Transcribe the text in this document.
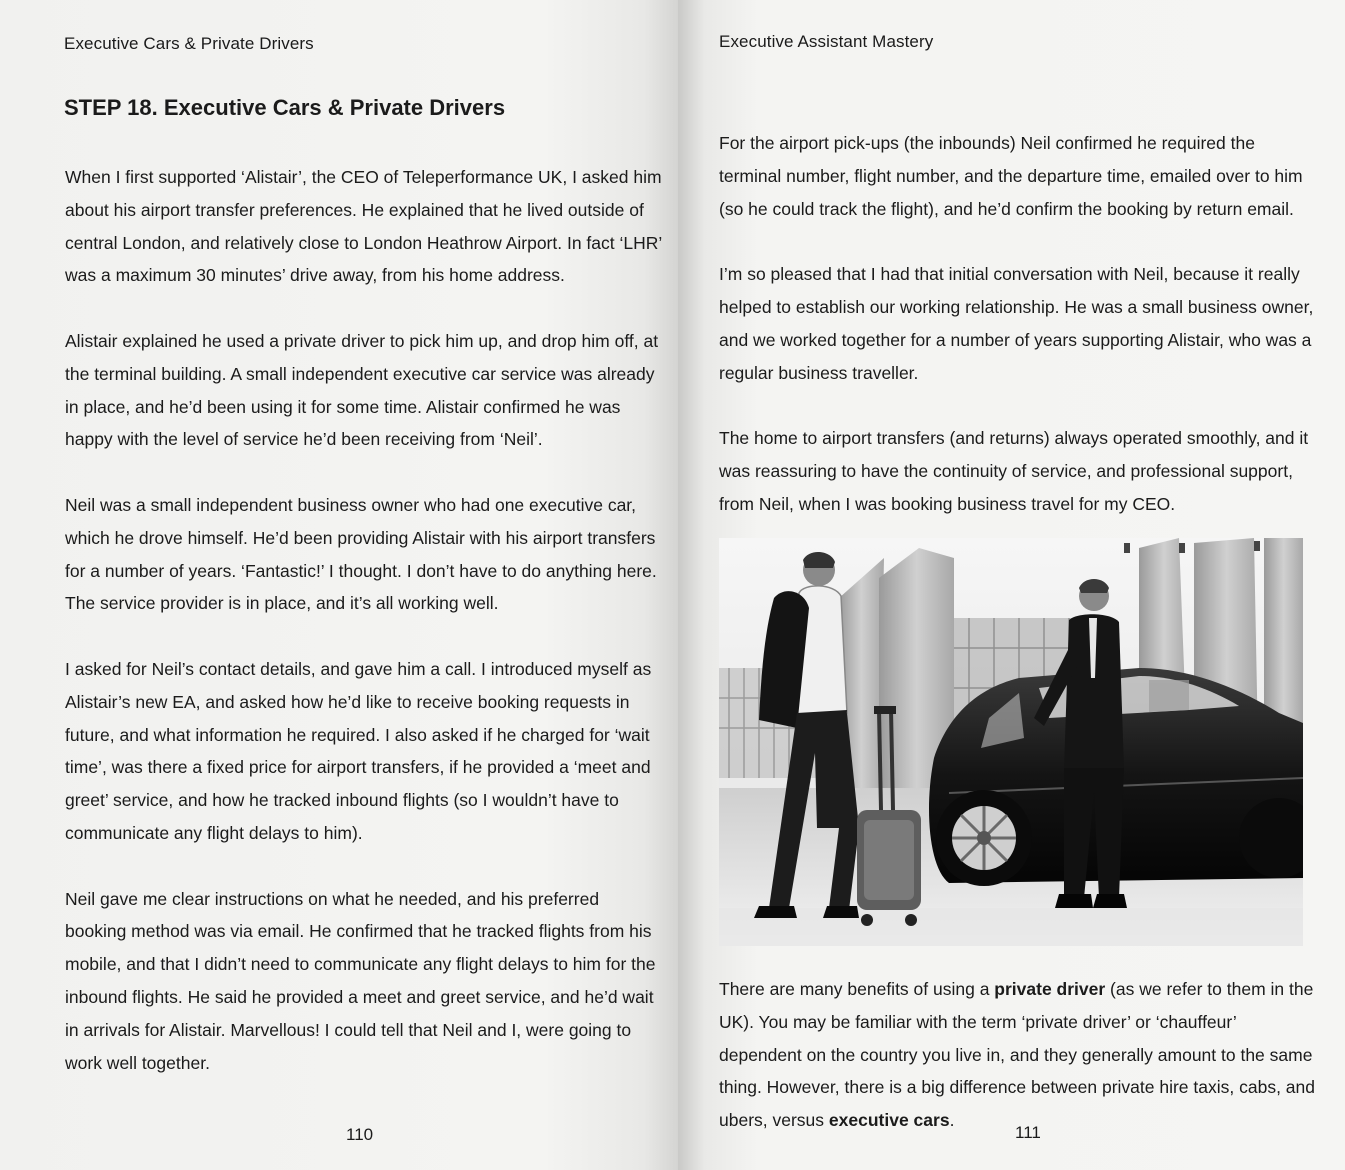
Executive Cars & Private Drivers
STEP 18. Executive Cars & Private Drivers

When I first supported ‘Alistair’, the CEO of Teleperformance UK, I asked him about his airport transfer preferences. He explained that he lived outside of central London, and relatively close to London Heathrow Airport. In fact ‘LHR’ was a maximum 30 minutes’ drive away, from his home address.

Alistair explained he used a private driver to pick him up, and drop him off, at the terminal building. A small independent executive car service was already in place, and he’d been using it for some time. Alistair confirmed he was happy with the level of service he’d been receiving from ‘Neil’.

Neil was a small independent business owner who had one executive car, which he drove himself. He’d been providing Alistair with his airport transfers for a number of years. ‘Fantastic!’ I thought. I don’t have to do anything here. The service provider is in place, and it’s all working well.

I asked for Neil’s contact details, and gave him a call. I introduced myself as Alistair’s new EA, and asked how he’d like to receive booking requests in future, and what information he required. I also asked if he charged for ‘wait time’, was there a fixed price for airport transfers, if he provided a ‘meet and greet’ service, and how he tracked inbound flights (so I wouldn’t have to communicate any flight delays to him).

Neil gave me clear instructions on what he needed, and his preferred booking method was via email. He confirmed that he tracked flights from his mobile, and that I didn’t need to communicate any flight delays to him for the inbound flights. He said he provided a meet and greet service, and he’d wait in arrivals for Alistair. Marvellous! I could tell that Neil and I, were going to work well together.

110
Executive Assistant Mastery

For the airport pick-ups (the inbounds) Neil confirmed he required the terminal number, flight number, and the departure time, emailed over to him (so he could track the flight), and he’d confirm the booking by return email.

I’m so pleased that I had that initial conversation with Neil, because it really helped to establish our working relationship. He was a small business owner, and we worked together for a number of years supporting Alistair, who was a regular business traveller.

The home to airport transfers (and returns) always operated smoothly, and it was reassuring to have the continuity of service, and professional support, from Neil, when I was booking business travel for my CEO.

There are many benefits of using a private driver (as we refer to them in the UK). You may be familiar with the term ‘private driver’ or ‘chauffeur’ dependent on the country you live in, and they generally amount to the same thing. However, there is a big difference between private hire taxis, cabs, and ubers, versus executive cars.

111
